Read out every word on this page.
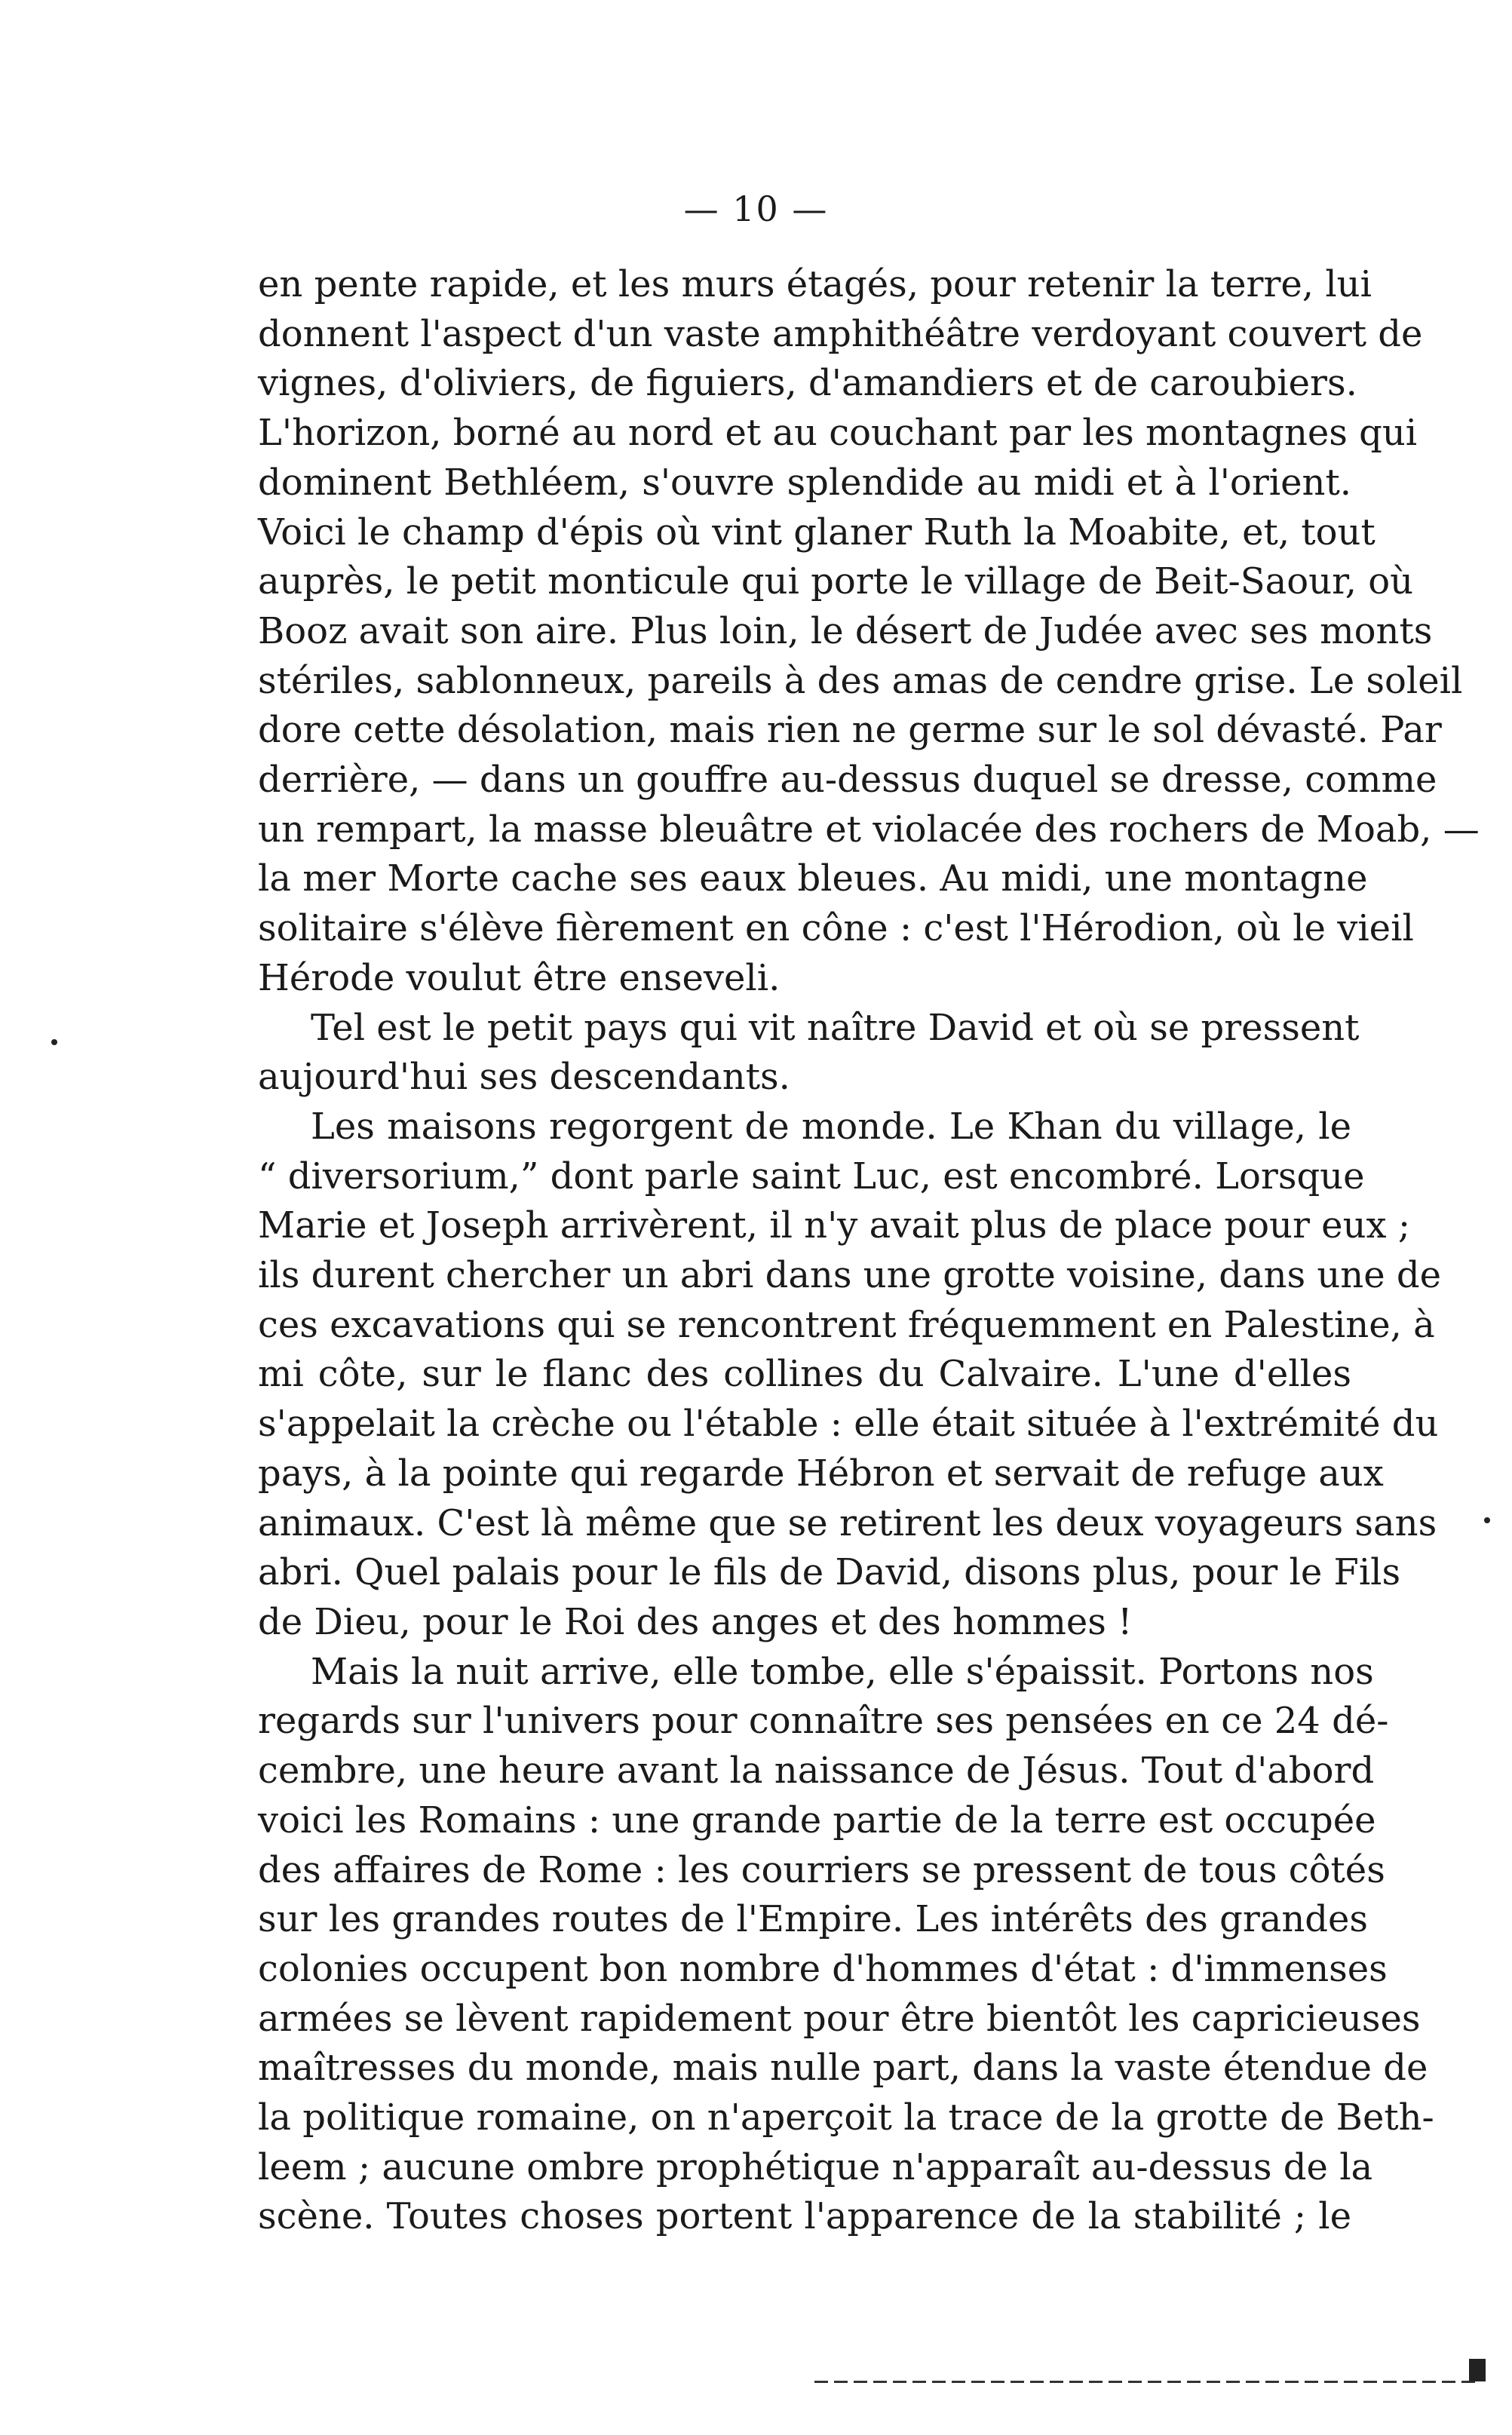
— 10 —

en pente rapide, et les murs étagés, pour retenir la terre, lui
donnent l'aspect d'un vaste amphithéâtre verdoyant couvert de
vignes, d'oliviers, de figuiers, d'amandiers et de caroubiers.
L'horizon, borné au nord et au couchant par les montagnes qui
dominent Bethléem, s'ouvre splendide au midi et à l'orient.
Voici le champ d'épis où vint glaner Ruth la Moabite, et, tout
auprès, le petit monticule qui porte le village de Beit-Saour, où
Booz avait son aire. Plus loin, le désert de Judée avec ses monts
stériles, sablonneux, pareils à des amas de cendre grise. Le soleil
dore cette désolation, mais rien ne germe sur le sol dévasté. Par
derrière, — dans un gouffre au-dessus duquel se dresse, comme
un rempart, la masse bleuâtre et violacée des rochers de Moab, —
la mer Morte cache ses eaux bleues. Au midi, une montagne
solitaire s'élève fièrement en cône : c'est l'Hérodion, où le vieil
Hérode voulut être enseveli.

Tel est le petit pays qui vit naître David et où se pressent
aujourd'hui ses descendants.

Les maisons regorgent de monde. Le Khan du village, le
“ diversorium,” dont parle saint Luc, est encombré. Lorsque
Marie et Joseph arrivèrent, il n'y avait plus de place pour eux ;
ils durent chercher un abri dans une grotte voisine, dans une de
ces excavations qui se rencontrent fréquemment en Palestine, à
mi côte, sur le flanc des collines du Calvaire. L'une d'elles
s'appelait la crèche ou l'étable : elle était située à l'extrémité du
pays, à la pointe qui regarde Hébron et servait de refuge aux
animaux. C'est là même que se retirent les deux voyageurs sans
abri. Quel palais pour le fils de David, disons plus, pour le Fils
de Dieu, pour le Roi des anges et des hommes !

Mais la nuit arrive, elle tombe, elle s'épaissit. Portons nos
regards sur l'univers pour connaître ses pensées en ce 24 dé-
cembre, une heure avant la naissance de Jésus. Tout d'abord
voici les Romains : une grande partie de la terre est occupée
des affaires de Rome : les courriers se pressent de tous côtés
sur les grandes routes de l'Empire. Les intérêts des grandes
colonies occupent bon nombre d'hommes d'état : d'immenses
armées se lèvent rapidement pour être bientôt les capricieuses
maîtresses du monde, mais nulle part, dans la vaste étendue de
la politique romaine, on n'aperçoit la trace de la grotte de Beth-
leem ; aucune ombre prophétique n'apparaît au-dessus de la
scène. Toutes choses portent l'apparence de la stabilité ; le
